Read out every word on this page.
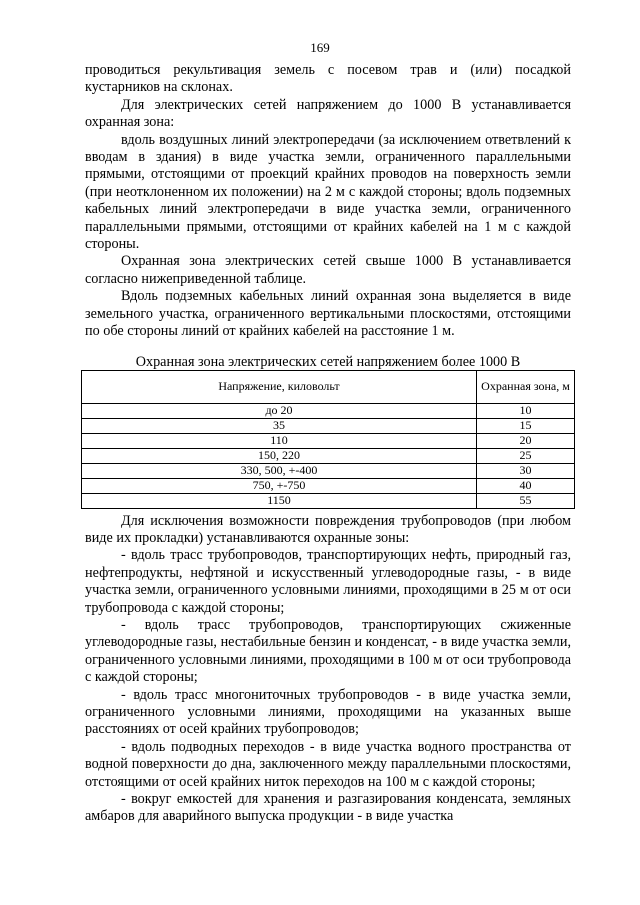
169

проводиться рекультивация земель с посевом трав и (или) посадкой кустарников на склонах.

Для электрических сетей напряжением до 1000 В устанавливается охранная зона:

вдоль воздушных линий электропередачи (за исключением ответвлений к вводам в здания) в виде участка земли, ограниченного параллельными прямыми, отстоящими от проекций крайних проводов на поверхность земли (при неотклоненном их положении) на 2 м с каждой стороны; вдоль подземных кабельных линий электропередачи в виде участка земли, ограниченного параллельными прямыми, отстоящими от крайних кабелей на 1 м с каждой стороны.

Охранная зона электрических сетей свыше 1000 В устанавливается согласно нижеприведенной таблице.

Вдоль подземных кабельных линий охранная зона выделяется в виде земельного участка, ограниченного вертикальными плоскостями, отстоящими по обе стороны линий от крайних кабелей на расстояние 1 м.

Охранная зона электрических сетей напряжением более 1000 В

Напряжение, киловольт	Охранная зона, м
до 20	10
35	15
110	20
150, 220	25
330, 500, +-400	30
750, +-750	40
1150	55

Для исключения возможности повреждения трубопроводов (при любом виде их прокладки) устанавливаются охранные зоны:

- вдоль трасс трубопроводов, транспортирующих нефть, природный газ, нефтепродукты, нефтяной и искусственный углеводородные газы, - в виде участка земли, ограниченного условными линиями, проходящими в 25 м от оси трубопровода с каждой стороны;

- вдоль трасс трубопроводов, транспортирующих сжиженные углеводородные газы, нестабильные бензин и конденсат, - в виде участка земли, ограниченного условными линиями, проходящими в 100 м от оси трубопровода с каждой стороны;

- вдоль трасс многониточных трубопроводов - в виде участка земли, ограниченного условными линиями, проходящими на указанных выше расстояниях от осей крайних трубопроводов;

- вдоль подводных переходов - в виде участка водного пространства от водной поверхности до дна, заключенного между параллельными плоскостями, отстоящими от осей крайних ниток переходов на 100 м с каждой стороны;

- вокруг емкостей для хранения и разгазирования конденсата, земляных амбаров для аварийного выпуска продукции - в виде участка
